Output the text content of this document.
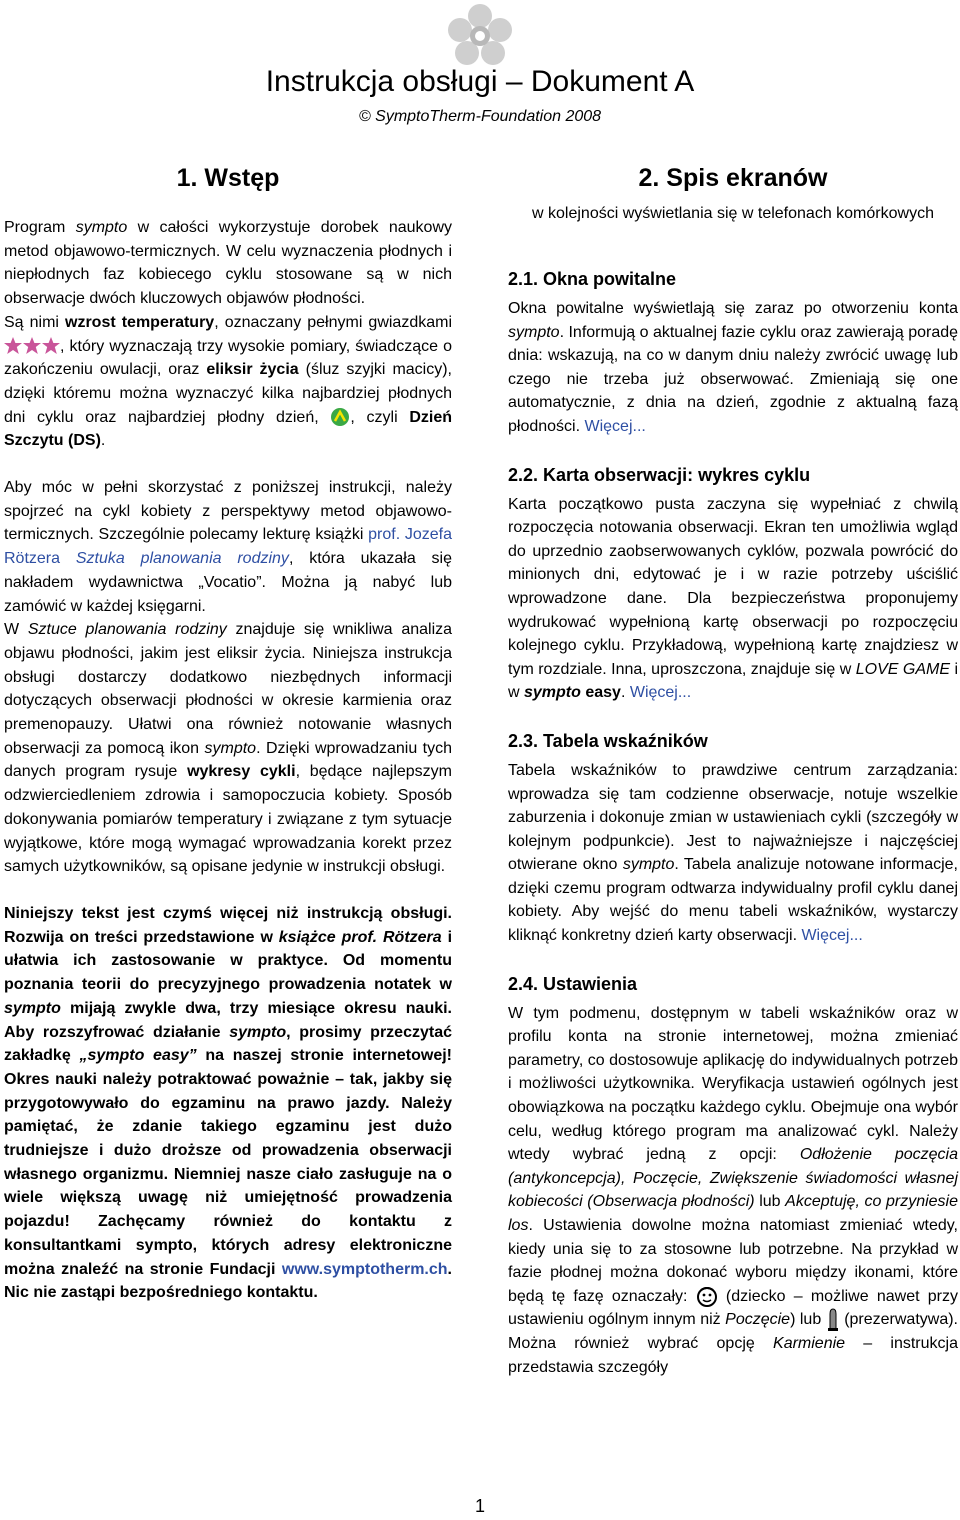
Instrukcja obsługi – Dokument A
© SymptoTherm-Foundation 2008
1. Wstęp

Program sympto w całości wykorzystuje dorobek naukowy metod objawowo-termicznych. W celu wyznaczenia płodnych i niepłodnych faz kobiecego cyklu stosowane są w nich obserwacje dwóch kluczowych objawów płodności.
Są nimi wzrost temperatury, oznaczany pełnymi gwiazdkami , który wyznaczają trzy wysokie pomiary, świadczące o zakończeniu owulacji, oraz eliksir życia (śluz szyjki macicy), dzięki któremu można wyznaczyć kilka najbardziej płodnych dni cyklu oraz najbardziej płodny dzień, , czyli Dzień Szczytu (DS).

Aby móc w pełni skorzystać z poniższej instrukcji, należy spojrzeć na cykl kobiety z perspektywy metod objawowo-termicznych. Szczególnie polecamy lekturę książki prof. Jozefa Rötzera Sztuka planowania rodziny, która ukazała się nakładem wydawnictwa „Vocatio”. Można ją nabyć lub zamówić w każdej księgarni.
W Sztuce planowania rodziny znajduje się wnikliwa analiza objawu płodności, jakim jest eliksir życia. Niniejsza instrukcja obsługi dostarczy dodatkowo niezbędnych informacji dotyczących obserwacji płodności w okresie karmienia oraz premenopauzy. Ułatwi ona również notowanie własnych obserwacji za pomocą ikon sympto. Dzięki wprowadzaniu tych danych program rysuje wykresy cykli, będące najlepszym odzwierciedleniem zdrowia i samopoczucia kobiety. Sposób dokonywania pomiarów temperatury i związane z tym sytuacje wyjątkowe, które mogą wymagać wprowadzania korekt przez samych użytkowników, są opisane jedynie w instrukcji obsługi.

Niniejszy tekst jest czymś więcej niż instrukcją obsługi. Rozwija on treści przedstawione w książce prof. Rötzera i ułatwia ich zastosowanie w praktyce. Od momentu poznania teorii do precyzyjnego prowadzenia notatek w sympto mijają zwykle dwa, trzy miesiące okresu nauki. Aby rozszyfrować działanie sympto, prosimy przeczytać zakładkę „sympto easy” na naszej stronie internetowej! Okres nauki należy potraktować poważnie – tak, jakby się przygotowywało do egzaminu na prawo jazdy. Należy pamiętać, że zdanie takiego egzaminu jest dużo trudniejsze i dużo droższe od prowadzenia obserwacji własnego organizmu. Niemniej nasze ciało zasługuje na o wiele większą uwagę niż umiejętność prowadzenia pojazdu! Zachęcamy również do kontaktu z konsultantkami sympto, których adresy elektroniczne można znaleźć na stronie Fundacji www.symptotherm.ch. Nic nie zastąpi bezpośredniego kontaktu.

2. Spis ekranów
w kolejności wyświetlania się w telefonach komórkowych
2.1. Okna powitalne

Okna powitalne wyświetlają się zaraz po otworzeniu konta sympto. Informują o aktualnej fazie cyklu oraz zawierają poradę dnia: wskazują, na co w danym dniu należy zwrócić uwagę lub czego nie trzeba już obserwować. Zmieniają się one automatycznie, z dnia na dzień, zgodnie z aktualną fazą płodności. Więcej...

2.2. Karta obserwacji: wykres cyklu

Karta początkowo pusta zaczyna się wypełniać z chwilą rozpoczęcia notowania obserwacji. Ekran ten umożliwia wgląd do uprzednio zaobserwowanych cyklów, pozwala powrócić do minionych dni, edytować je i w razie potrzeby uściślić wprowadzone dane. Dla bezpieczeństwa proponujemy wydrukować wypełnioną kartę obserwacji po rozpoczęciu kolejnego cyklu. Przykładową, wypełnioną kartę znajdziesz w tym rozdziale. Inna, uproszczona, znajduje się w LOVE GAME i w sympto easy. Więcej...

2.3. Tabela wskaźników

Tabela wskaźników to prawdziwe centrum zarządzania: wprowadza się tam codzienne obserwacje, notuje wszelkie zaburzenia i dokonuje zmian w ustawieniach cykli (szczegóły w kolejnym podpunkcie). Jest to najważniejsze i najczęściej otwierane okno sympto. Tabela analizuje notowane informacje, dzięki czemu program odtwarza indywidualny profil cyklu danej kobiety. Aby wejść do menu tabeli wskaźników, wystarczy kliknąć konkretny dzień karty obserwacji. Więcej...

2.4. Ustawienia

W tym podmenu, dostępnym w tabeli wskaźników oraz w profilu konta na stronie internetowej, można zmieniać parametry, co dostosowuje aplikację do indywidualnych potrzeb i możliwości użytkownika. Weryfikacja ustawień ogólnych jest obowiązkowa na początku każdego cyklu. Obejmuje ona wybór celu, według którego program ma analizować cykl. Należy wtedy wybrać jedną z opcji: Odłożenie poczęcia (antykoncepcja), Poczęcie, Zwiększenie świadomości własnej kobiecości (Obserwacja płodności) lub Akceptuję, co przyniesie los. Ustawienia dowolne można natomiast zmieniać wtedy, kiedy unia się to za stosowne lub potrzebne. Na przykład w fazie płodnej można dokonać wyboru między ikonami, które będą tę fazę oznaczały:  (dziecko – możliwe nawet przy ustawieniu ogólnym innym niż Poczęcie) lub  (prezerwatywa). Można również wybrać opcję Karmienie – instrukcja przedstawia szczegóły

1
